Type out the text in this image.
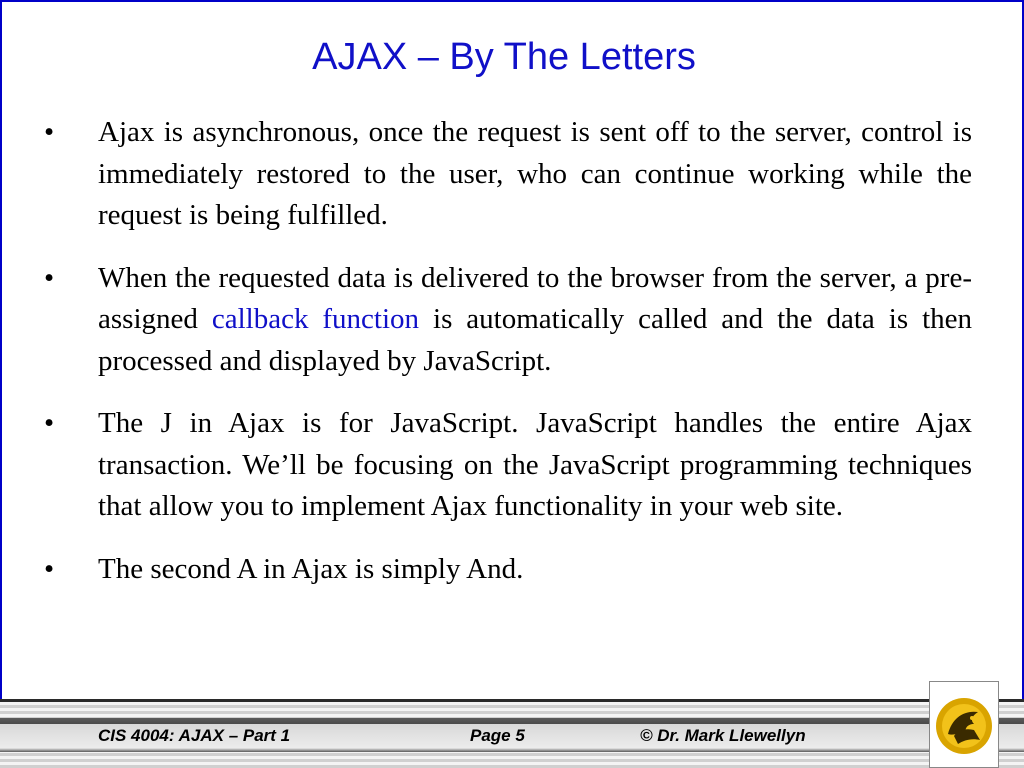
AJAX – By The Letters
• Ajax is asynchronous, once the request is sent off to the server, control is immediately restored to the user, who can continue working while the request is being fulfilled.
• When the requested data is delivered to the browser from the server, a pre-assigned callback function is automatically called and the data is then processed and displayed by JavaScript.
• The J in Ajax is for JavaScript. JavaScript handles the entire Ajax transaction. We’ll be focusing on the JavaScript programming techniques that allow you to implement Ajax functionality in your web site.
• The second A in Ajax is simply And.
CIS 4004: AJAX – Part 1	Page 5	© Dr. Mark Llewellyn
